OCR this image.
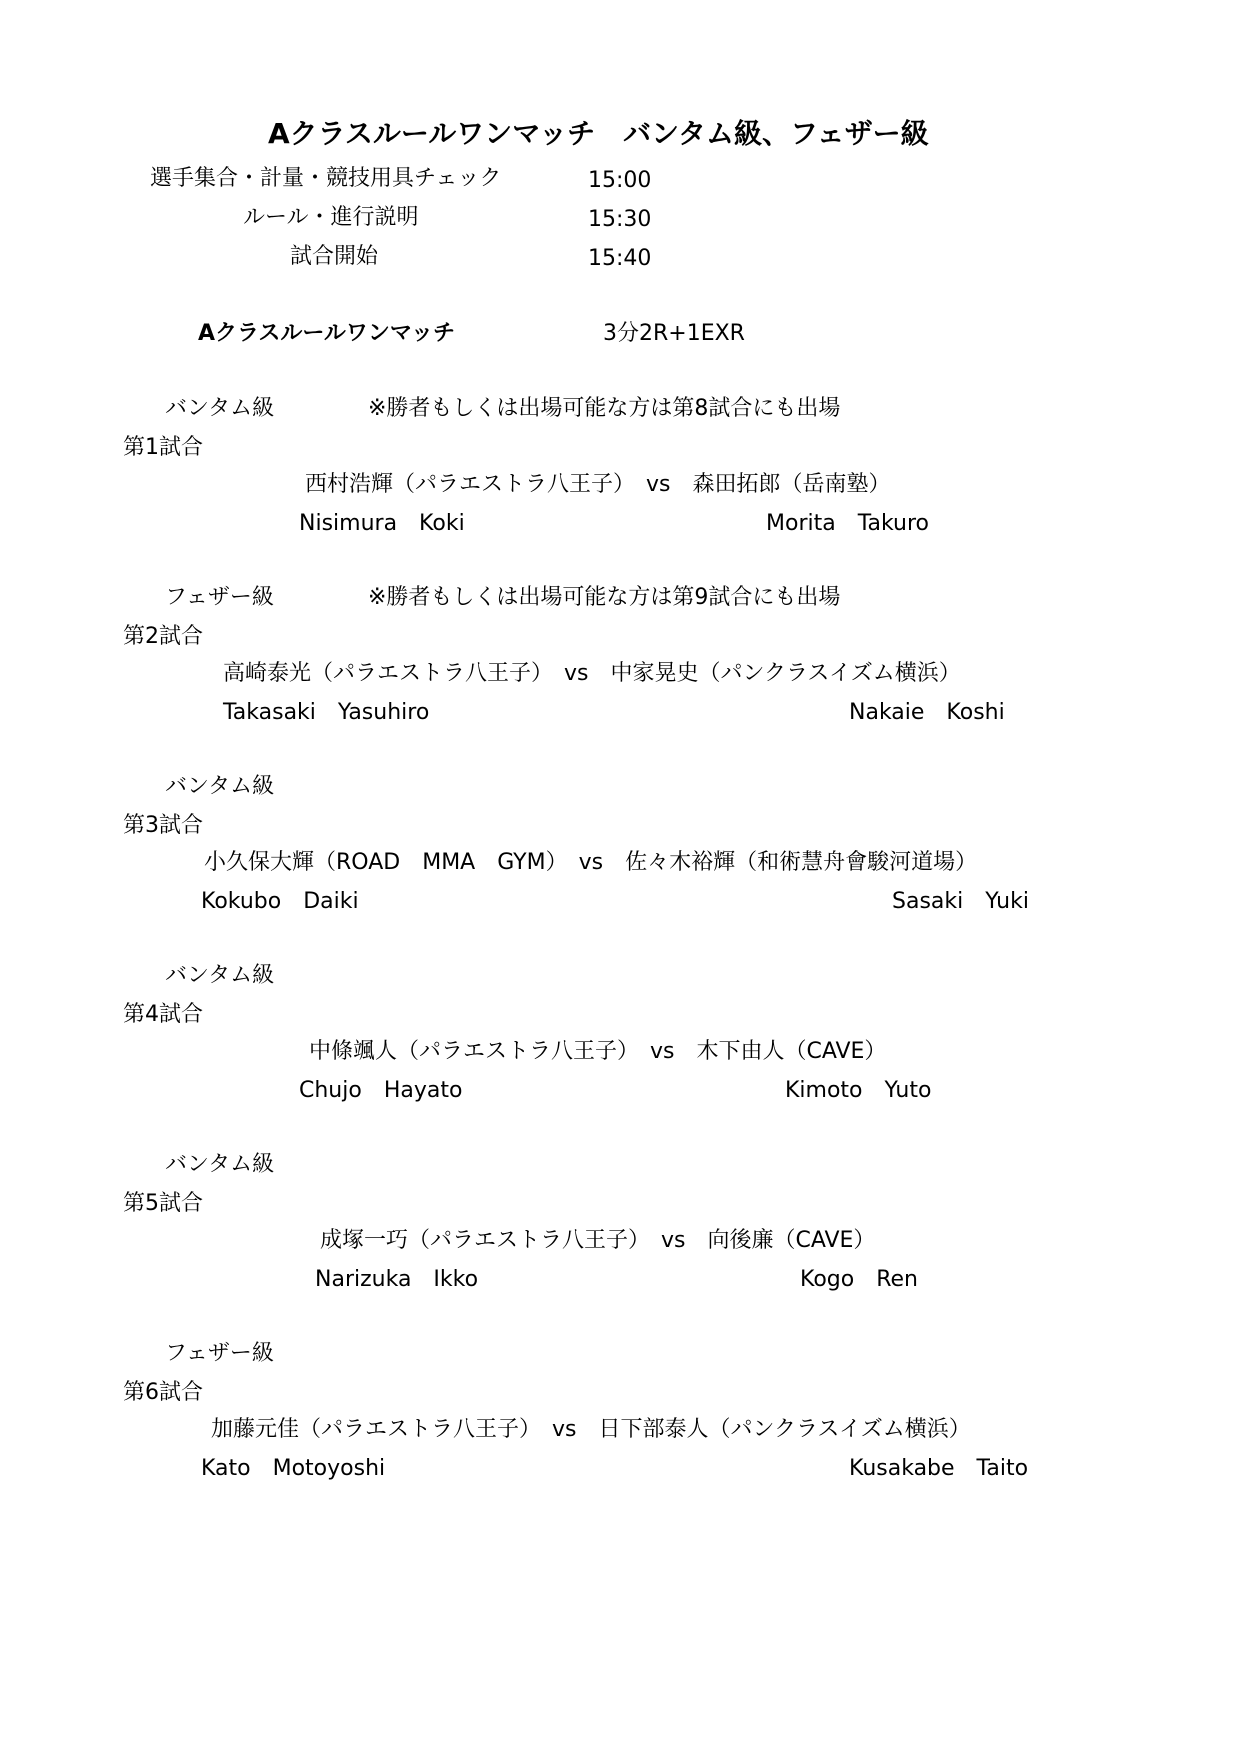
Aクラスルールワンマッチ　バンタム級、フェザー級
選手集合・計量・競技用具チェック	15:00
ルール・進行説明	15:30
試合開始	15:40
Aクラスルールワンマッチ	3分2R+1EXR
バンタム級	※勝者もしくは出場可能な方は第8試合にも出場
第1試合
西村浩輝（パラエストラ八王子）　vs　森田拓郎（岳南塾）
Nisimura　Koki	Morita　Takuro
フェザー級	※勝者もしくは出場可能な方は第9試合にも出場
第2試合
高崎泰光（パラエストラ八王子）　vs　中家晃史（パンクラスイズム横浜）
Takasaki　Yasuhiro	Nakaie　Koshi
バンタム級
第3試合
小久保大輝（ROAD　MMA　GYM）　vs　佐々木裕輝（和術慧舟會駿河道場）
Kokubo　Daiki	Sasaki　Yuki
バンタム級
第4試合
中條颯人（パラエストラ八王子）　vs　木下由人（CAVE）
Chujo　Hayato	Kimoto　Yuto
バンタム級
第5試合
成塚一巧（パラエストラ八王子）　vs　向後廉（CAVE）
Narizuka　Ikko	Kogo　Ren
フェザー級
第6試合
加藤元佳（パラエストラ八王子）　vs　日下部泰人（パンクラスイズム横浜）
Kato　Motoyoshi	Kusakabe　Taito
